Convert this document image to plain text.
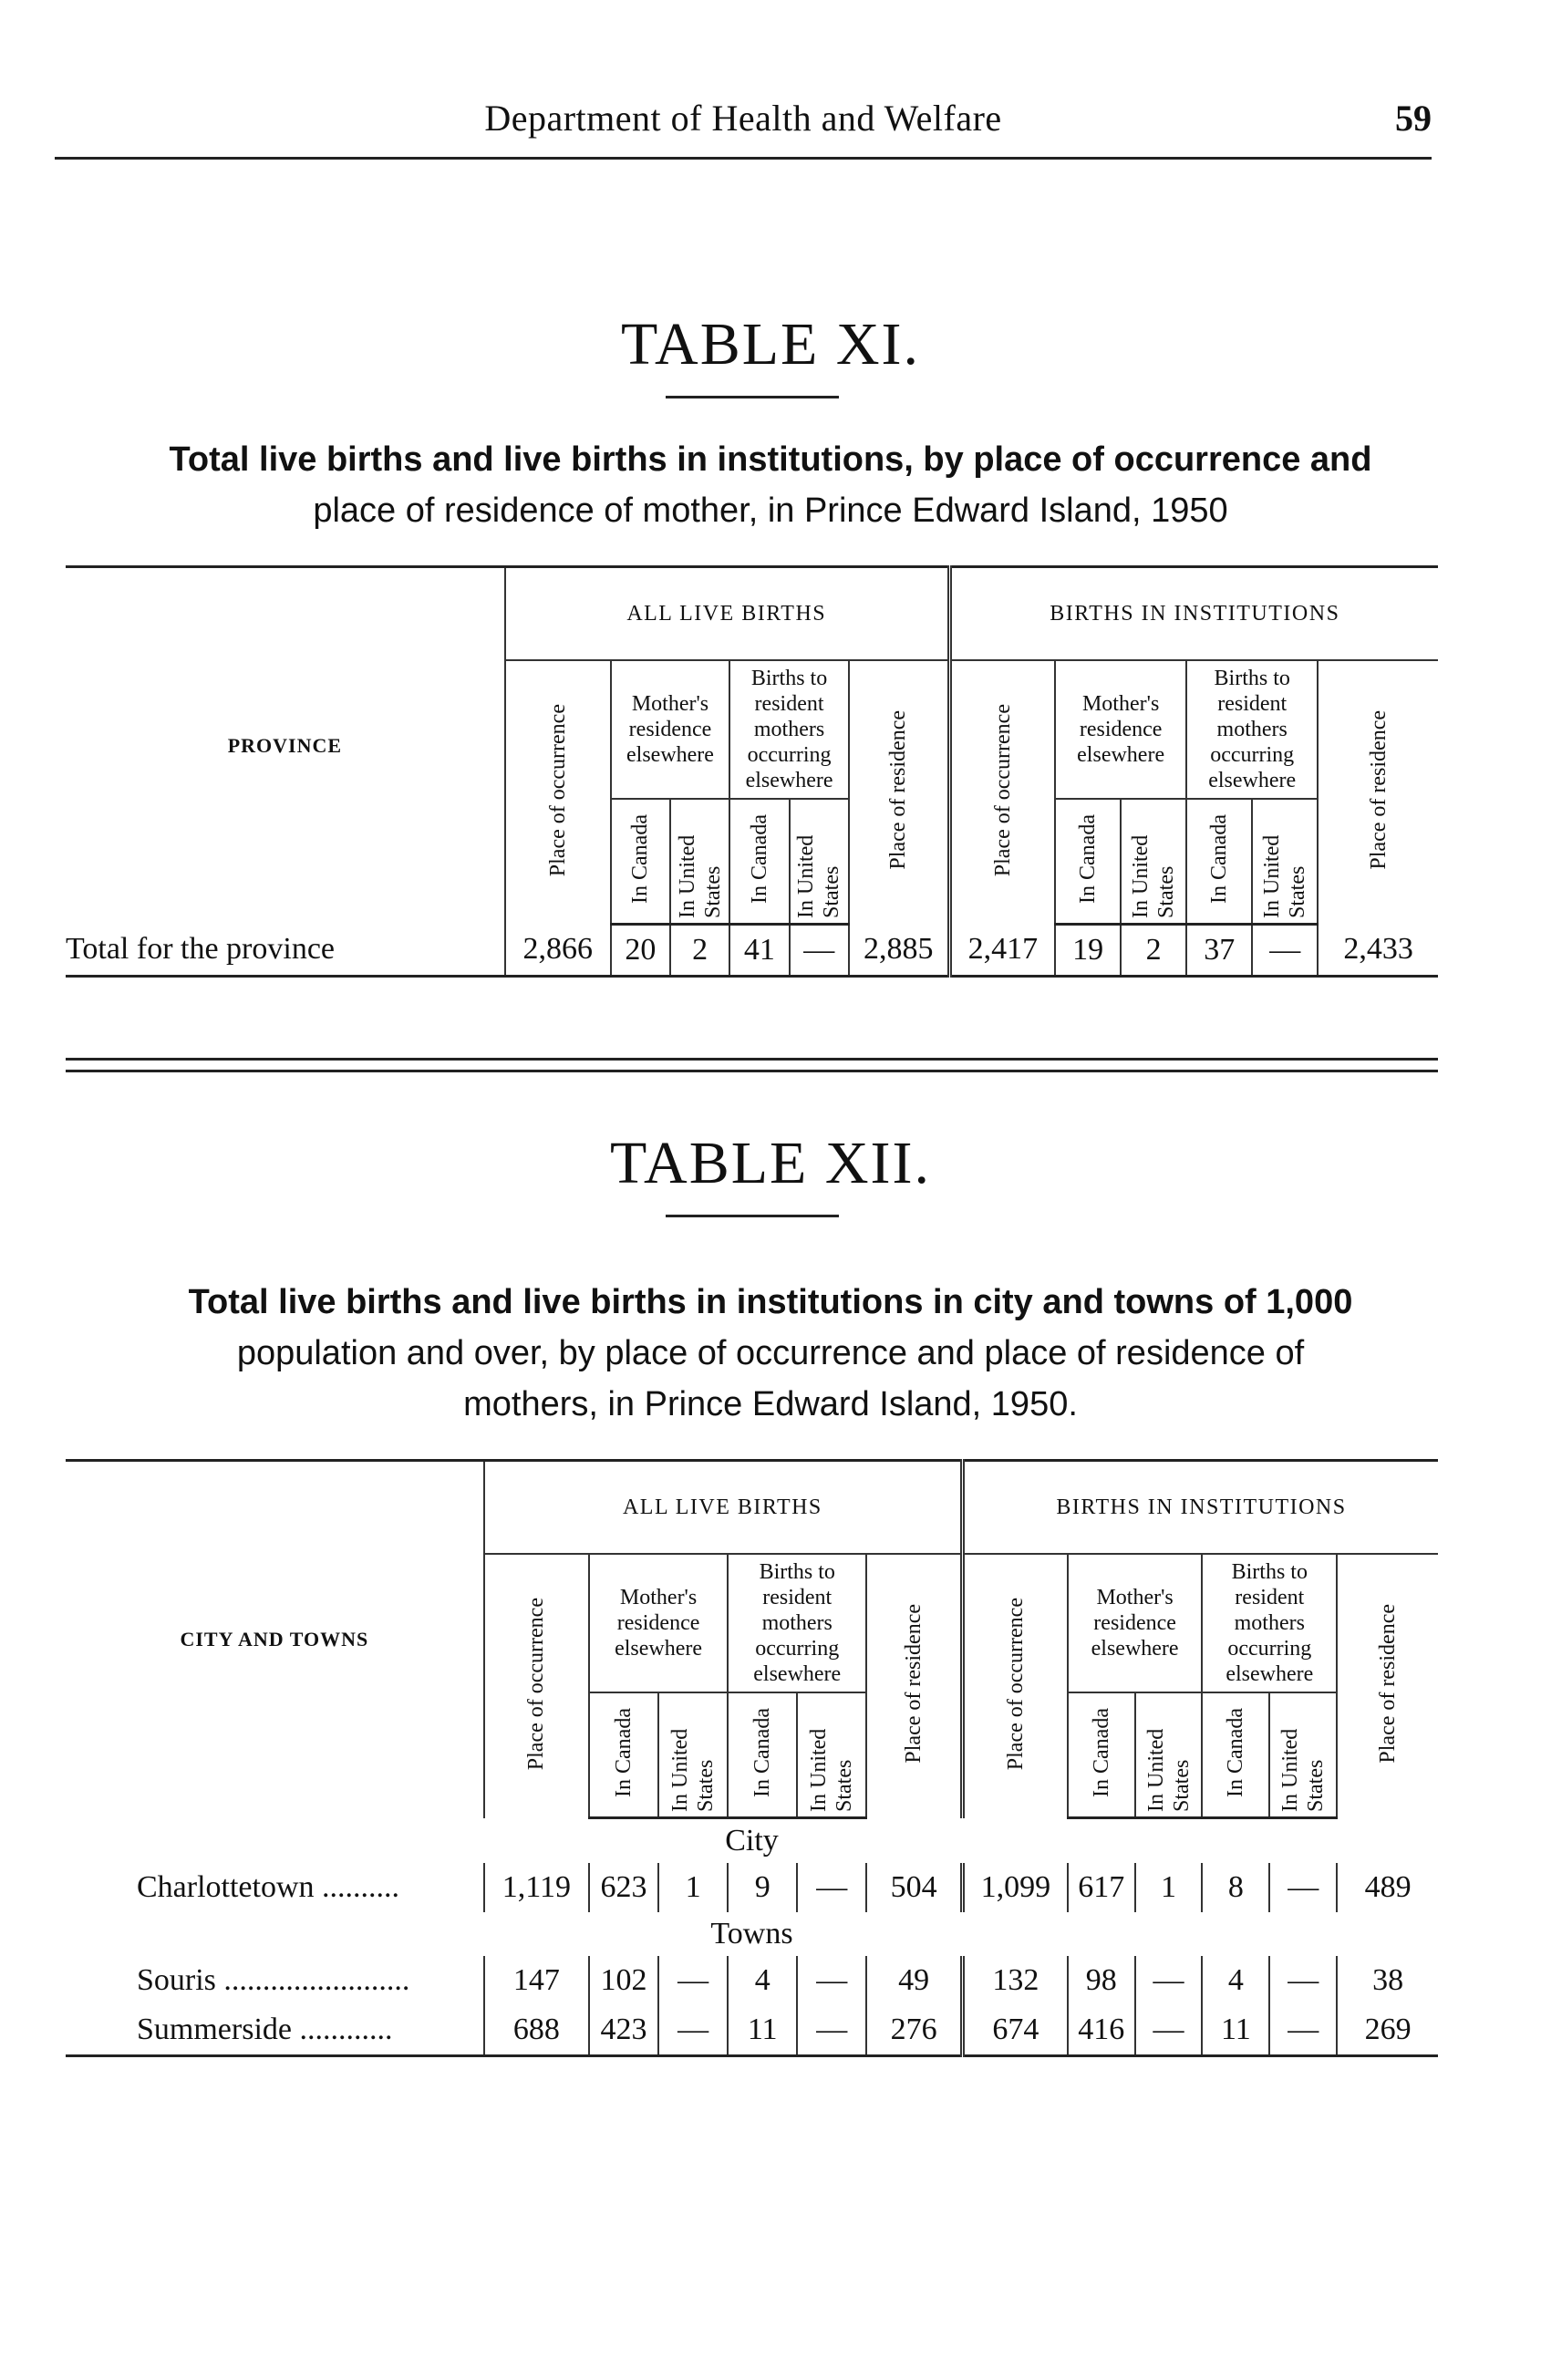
Department of Health and Welfare	59
TABLE XI.
Total live births and live births in institutions, by place of occurrence and
place of residence of mother, in Prince Edward Island, 1950
PROVINCE	ALL LIVE BIRTHS						BIRTHS IN INSTITUTIONS					
	Place of occurrence	Mother's residence elsewhere		Births to resident mothers occurring elsewhere		Place of residence	Place of occurrence	Mother's residence elsewhere		Births to resident mothers occurring elsewhere		Place of residence
		In Canada	In United States	In Canada	In United States			In Canada	In United States	In Canada	In United States	
Total for the province	2,866	20	2	41	—	2,885	2,417	19	2	37	—	2,433
TABLE XII.
Total live births and live births in institutions in city and towns of 1,000
population and over, by place of occurrence and place of residence of
mothers, in Prince Edward Island, 1950.
CITY AND TOWNS	ALL LIVE BIRTHS						BIRTHS IN INSTITUTIONS					
	Place of occurrence	Mother's residence elsewhere		Births to resident mothers occurring elsewhere		Place of residence	Place of occurrence	Mother's residence elsewhere		Births to resident mothers occurring elsewhere		Place of residence
		In Canada	In United States	In Canada	In United States			In Canada	In United States	In Canada	In United States	
City												
Charlottetown ..........	1,119	623	1	9	—	504	1,099	617	1	8	—	489
Towns												
Souris ........................	147	102	—	4	—	49	132	98	—	4	—	38
Summerside ............	688	423	—	11	—	276	674	416	—	11	—	269
